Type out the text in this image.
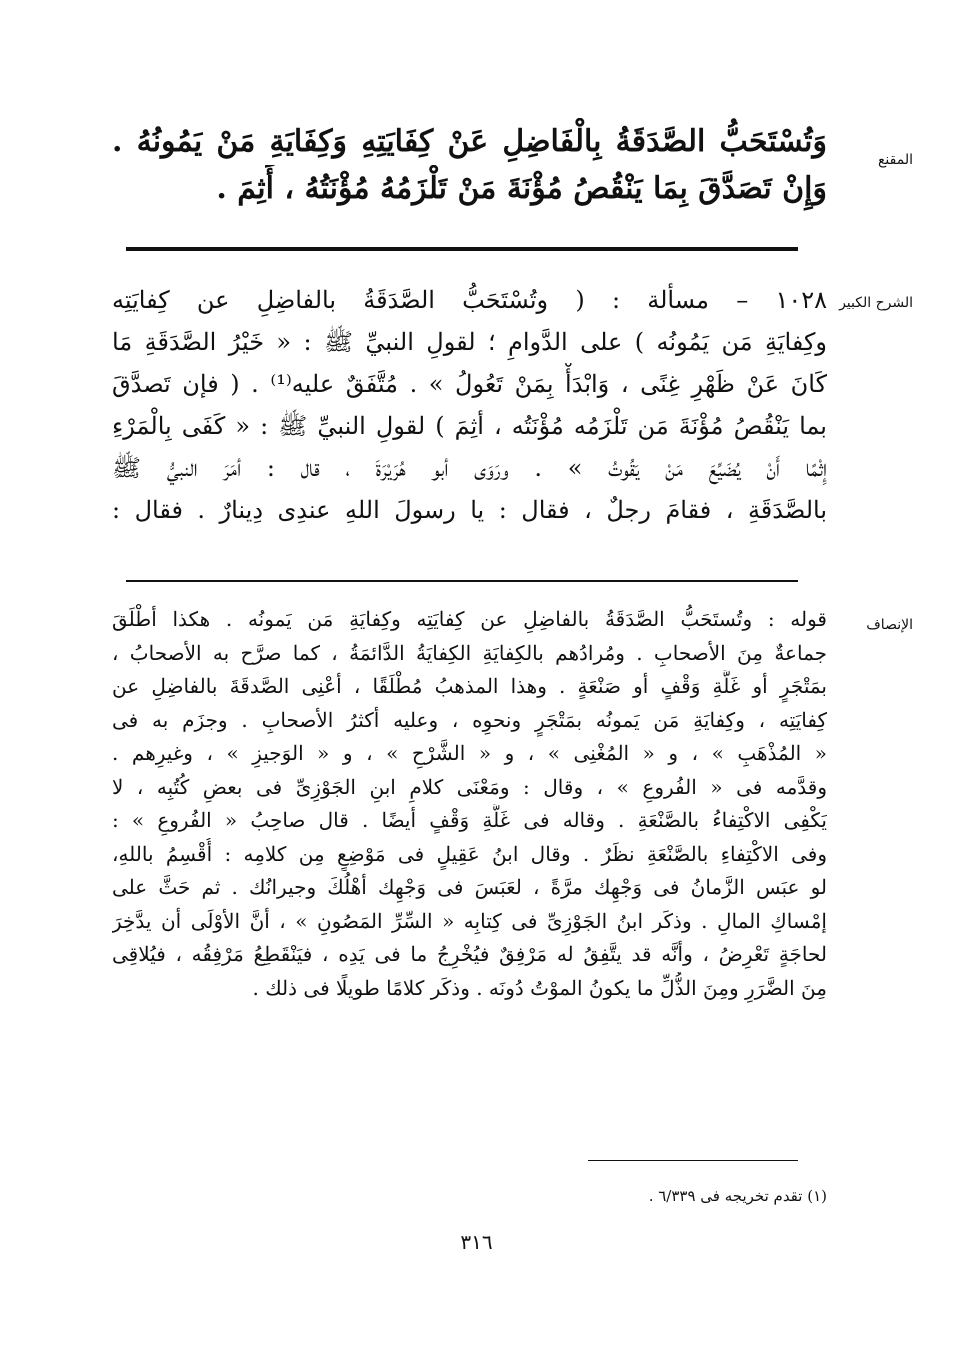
المقنع
وَتُسْتَحَبُّ الصَّدَقَةُ بِالْفَاضِلِ عَنْ كِفَايَتِهِ وَكِفَايَةِ مَنْ يَمُونُهُ .
وَإِنْ تَصَدَّقَ بِمَا يَنْقُصُ مُؤْنَةَ مَنْ تَلْزَمُهُ مُؤْنَتُهُ ، أَثِمَ .
الشرح الكبير
١٠٢٨ – مسألة : ( وتُسْتَحَبُّ الصَّدَقَةُ بالفاضِلِ عن كِفايَتِه
وكِفايَةِ مَن يَمُونُه ) على الدَّوامِ ؛ لقولِ النبيِّ ﷺ : « خَيْرُ الصَّدَقَةِ مَا
كَانَ عَنْ ظَهْرِ غِنًى ، وَابْدَأْ بِمَنْ تَعُولُ » . مُتَّفَقٌ عليه⁽¹⁾ . ( فإن تَصدَّقَ
بما يَنْقُصُ مُؤْنَةَ مَن تَلْزَمُه مُؤْنَتُه ، أثِمَ ) لقولِ النبيِّ ﷺ : « كَفَى بِالْمَرْءِ
إِثْمًا أَنْ يُضَيِّعَ مَنْ يَقُوتُ » . ورَوَى أبو هُرَيْرَةَ ، قال : أمَرَ النبيُّ ﷺ
بالصَّدَقَةِ ، فقامَ رجلٌ ، فقال : يا رسولَ اللهِ عندِى دِينارٌ . فقال :
الإنصاف
قوله : وتُستَحَبُّ الصَّدَقَةُ بالفاضِلِ عن كِفايَتِه وكِفايَةِ مَن يَمونُه . هكذا أطْلَقَ
جماعةٌ مِنَ الأصحابِ . ومُرادُهم بالكِفايَةِ الكِفايَةُ الدَّائمَةُ ، كما صرَّح به الأصحابُ ،
بمَتْجَرٍ أو غَلَّةِ وَقْفٍ أو صَنْعَةٍ . وهذا المذهبُ مُطْلَقًا ، أعْنِى الصَّدقَةَ بالفاضِلِ عن
كِفايَتِه ، وكِفايَةِ مَن يَمونُه بمَتْجَرٍ ونحوِه ، وعليه أكثرُ الأصحابِ . وجزَم به فى
« المُذْهَبِ » ، و « المُغْنِى » ، و « الشَّرْحِ » ، و « الوَجيزِ » ، وغيرِهم .
وقدَّمه فى « الفُروعِ » ، وقال : ومَعْنَى كلامِ ابنِ الجَوْزِىِّ فى بعضِ كُتُبِه ، لا
يَكْفِى الاكْتِفاءُ بالصَّنْعَةِ . وقاله فى غَلَّةِ وَقْفٍ أيضًا . قال صاحِبُ « الفُروعِ » :
وفى الاكْتِفاءِ بالصَّنْعَةِ نظَرٌ . وقال ابنُ عَقِيلٍ فى مَوْضِعٍ مِن كلامِه : أُقْسِمُ باللهِ،
لو عبَس الزَّمانُ فى وَجْهِك مرَّةً ، لعَبَسَ فى وَجْهِك أهْلُكَ وجيرانُك . ثم حَثَّ على
إمْساكِ المالِ . وذكَر ابنُ الجَوْزِىِّ فى كِتابِه « السِّرِّ المَصُونِ » ، أنَّ الأوْلَى أن يدَّخِرَ
لحاجَةٍ تَعْرِضُ ، وأنَّه قد يتَّفِقُ له مَرْفِقٌ فيُخْرِجُ ما فى يَدِه ، فيَنْقَطِعُ مَرْفِقُه ، فيُلاقِى
مِنَ الضَّرَرِ ومِنَ الذُّلِّ ما يكونُ الموْتُ دُونَه . وذكَر كلامًا طويلًا فى ذلك .
(١) تقدم تخريجه فى ٦/٣٣٩ .
٣١٦
